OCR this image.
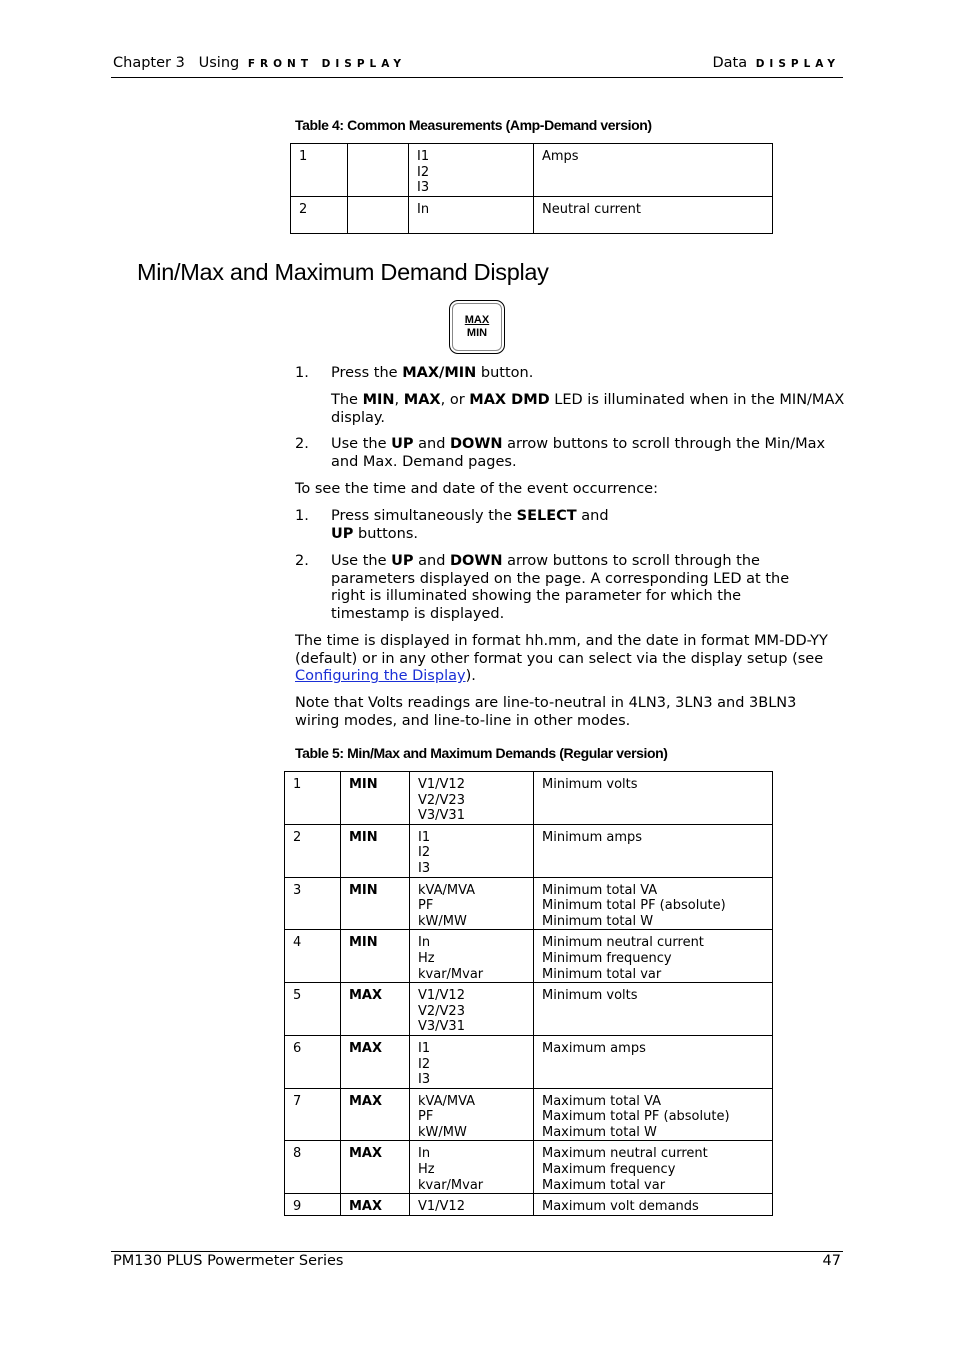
Chapter 3 Using FRONT DISPLAY	Data DISPLAY
Table 4: Common Measurements (Amp-Demand version)
1		I1
I2
I3	Amps
2		In	Neutral current
Min/Max and Maximum Demand Display
MAX
MIN
1. Press the MAX/MIN button.
The MIN, MAX, or MAX DMD LED is illuminated when in the MIN/MAX display.
2. Use the UP and DOWN arrow buttons to scroll through the Min/Max and Max. Demand pages.
To see the time and date of the event occurrence:
1. Press simultaneously the SELECT and
UP buttons.
2. Use the UP and DOWN arrow buttons to scroll through the parameters displayed on the page. A corresponding LED at the right is illuminated showing the parameter for which the timestamp is displayed.
The time is displayed in format hh.mm, and the date in format MM-DD-YY (default) or in any other format you can select via the display setup (see Configuring the Display).
Note that Volts readings are line-to-neutral in 4LN3, 3LN3 and 3BLN3 wiring modes, and line-to-line in other modes.
Table 5: Min/Max and Maximum Demands (Regular version)
1	MIN	V1/V12
V2/V23
V3/V31	Minimum volts
2	MIN	I1
I2
I3	Minimum amps
3	MIN	kVA/MVA
PF
kW/MW	Minimum total VA
Minimum total PF (absolute)
Minimum total W
4	MIN	In
Hz
kvar/Mvar	Minimum neutral current
Minimum frequency
Minimum total var
5	MAX	V1/V12
V2/V23
V3/V31	Minimum volts
6	MAX	I1
I2
I3	Maximum amps
7	MAX	kVA/MVA
PF
kW/MW	Maximum total VA
Maximum total PF (absolute)
Maximum total W
8	MAX	In
Hz
kvar/Mvar	Maximum neutral current
Maximum frequency
Maximum total var
9	MAX	V1/V12	Maximum volt demands
PM130 PLUS Powermeter Series	47
